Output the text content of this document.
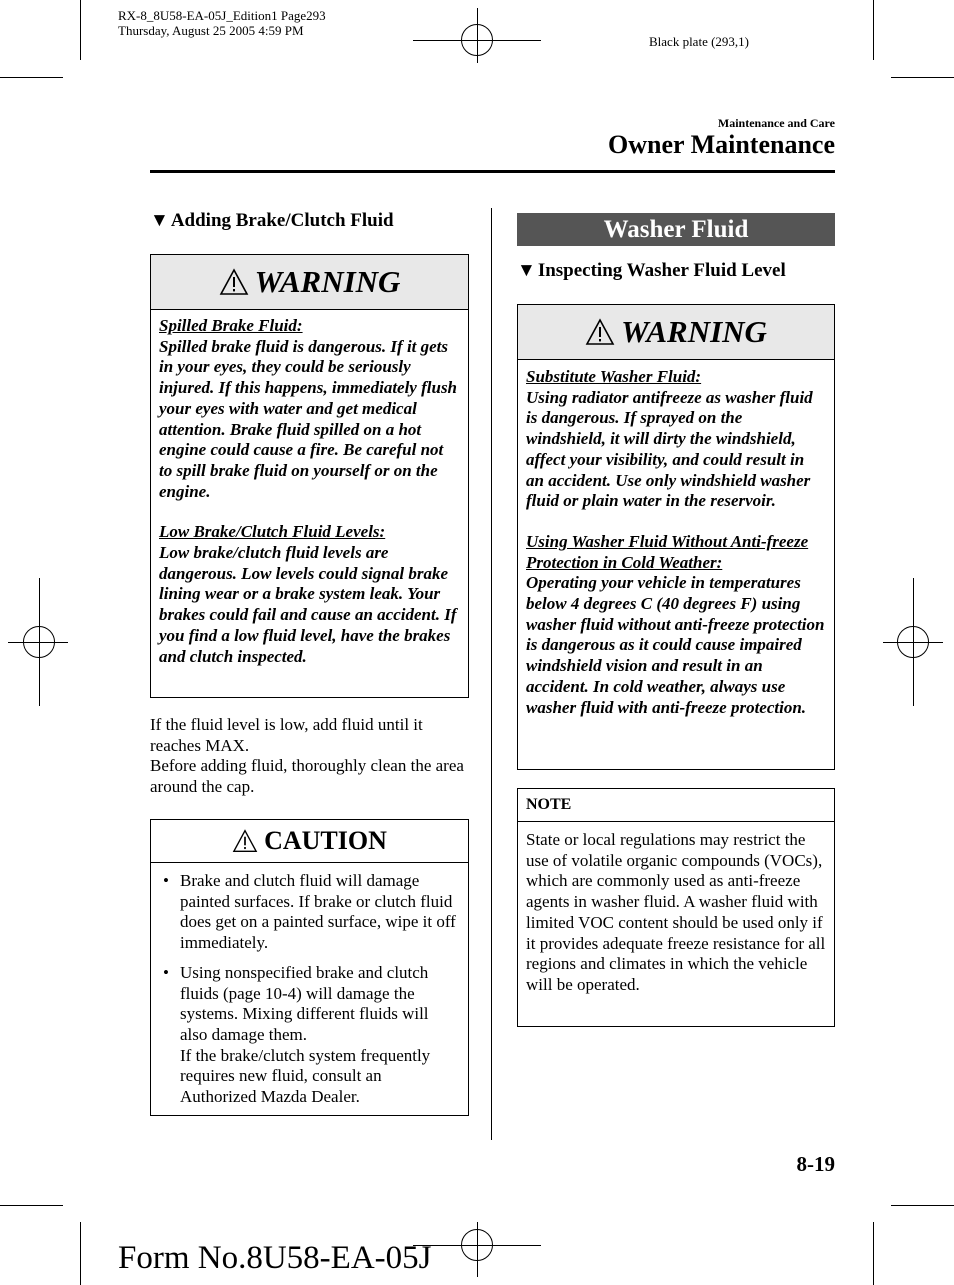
RX-8_8U58-EA-05J_Edition1 Page293
Thursday, August 25 2005 4:59 PM
Black plate (293,1)
Maintenance and Care
Owner Maintenance
▼ Adding Brake/Clutch Fluid
WARNING
Spilled Brake Fluid:
Spilled brake fluid is dangerous. If it gets in your eyes, they could be seriously injured. If this happens, immediately flush your eyes with water and get medical attention. Brake fluid spilled on a hot engine could cause a fire. Be careful not to spill brake fluid on yourself or on the engine.
Low Brake/Clutch Fluid Levels:
Low brake/clutch fluid levels are dangerous. Low levels could signal brake lining wear or a brake system leak. Your brakes could fail and cause an accident. If you find a low fluid level, have the brakes and clutch inspected.
If the fluid level is low, add fluid until it reaches MAX.
Before adding fluid, thoroughly clean the area around the cap.
CAUTION
• Brake and clutch fluid will damage painted surfaces. If brake or clutch fluid does get on a painted surface, wipe it off immediately.
• Using nonspecified brake and clutch fluids (page 10-4) will damage the systems. Mixing different fluids will also damage them.
If the brake/clutch system frequently requires new fluid, consult an Authorized Mazda Dealer.
Washer Fluid
▼ Inspecting Washer Fluid Level
WARNING
Substitute Washer Fluid:
Using radiator antifreeze as washer fluid is dangerous. If sprayed on the windshield, it will dirty the windshield, affect your visibility, and could result in an accident. Use only windshield washer fluid or plain water in the reservoir.
Using Washer Fluid Without Anti-freeze Protection in Cold Weather:
Operating your vehicle in temperatures below 4 degrees C (40 degrees F) using washer fluid without anti-freeze protection is dangerous as it could cause impaired windshield vision and result in an accident. In cold weather, always use washer fluid with anti-freeze protection.
NOTE
State or local regulations may restrict the use of volatile organic compounds (VOCs), which are commonly used as anti-freeze agents in washer fluid. A washer fluid with limited VOC content should be used only if it provides adequate freeze resistance for all regions and climates in which the vehicle will be operated.
8-19
Form No.8U58-EA-05J
